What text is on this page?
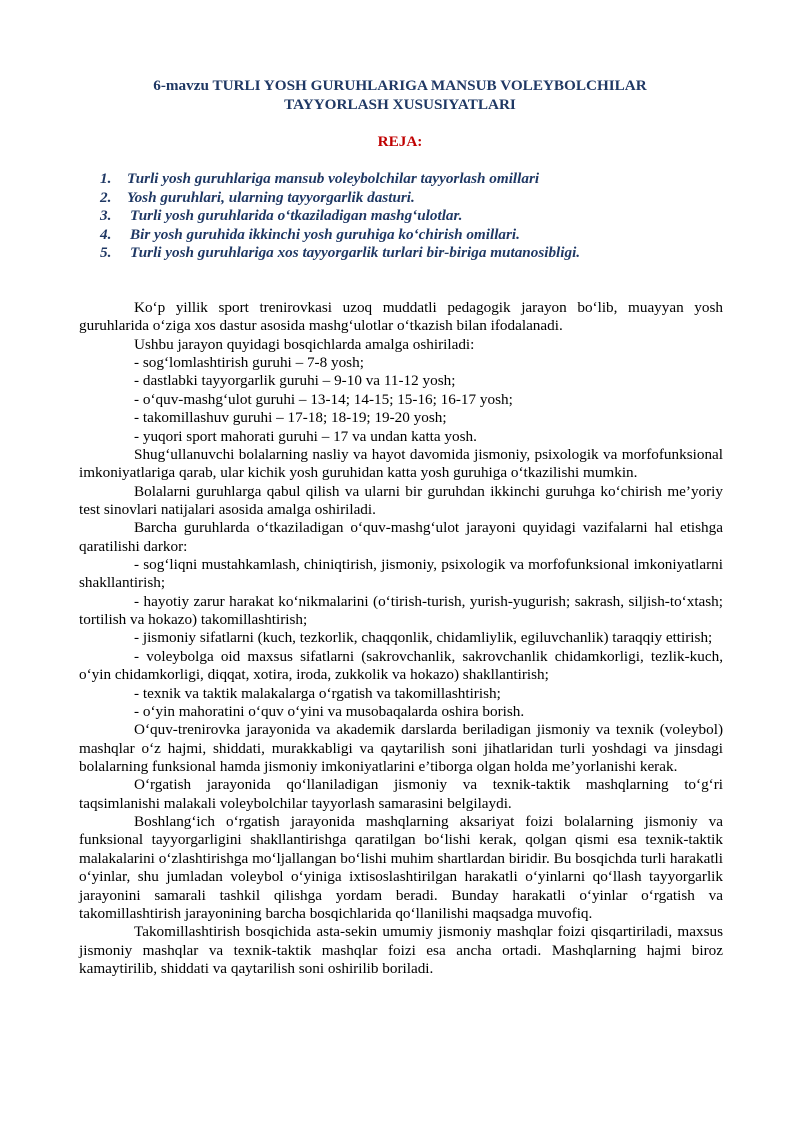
6-mavzu TURLI YOSH GURUHLARIGA MANSUB VOLEYBOLCHILAR
TAYYORLASH XUSUSIYATLARI
REJA:
1. Turli yosh guruhlariga mansub voleybolchilar tayyorlash omillari
2. Yosh guruhlari, ularning tayyorgarlik dasturi.
3. Turli yosh guruhlarida o‘tkaziladigan mashg‘ulotlar.
4. Bir yosh guruhida ikkinchi yosh guruhiga ko‘chirish omillari.
5. Turli yosh guruhlariga xos tayyorgarlik turlari bir-biriga mutanosibligi.

Ko‘p yillik sport trenirovkasi uzoq muddatli pedagogik jarayon bo‘lib, muayyan yosh guruhlarida o‘ziga xos dastur asosida mashg‘ulotlar o‘tkazish bilan ifodalanadi.

Ushbu jarayon quyidagi bosqichlarda amalga oshiriladi:

- sog‘lomlashtirish guruhi – 7-8 yosh;

- dastlabki tayyorgarlik guruhi – 9-10 va 11-12 yosh;

- o‘quv-mashg‘ulot guruhi – 13-14; 14-15; 15-16; 16-17 yosh;

- takomillashuv guruhi – 17-18; 18-19; 19-20 yosh;

- yuqori sport mahorati guruhi – 17 va undan katta yosh.

Shug‘ullanuvchi bolalarning nasliy va hayot davomida jismoniy, psixologik va morfofunksional imkoniyatlariga qarab, ular kichik yosh guruhidan katta yosh guruhiga o‘tkazilishi mumkin.

Bolalarni guruhlarga qabul qilish va ularni bir guruhdan ikkinchi guruhga ko‘chirish me’yoriy test sinovlari natijalari asosida amalga oshiriladi.

Barcha guruhlarda o‘tkaziladigan o‘quv-mashg‘ulot jarayoni quyidagi vazifalarni hal etishga qaratilishi darkor:

- sog‘liqni mustahkamlash, chiniqtirish, jismoniy, psixologik va morfofunksional imkoniyatlarni shakllantirish;

- hayotiy zarur harakat ko‘nikmalarini (o‘tirish-turish, yurish-yugurish; sakrash, siljish-to‘xtash; tortilish va hokazo) takomillashtirish;

- jismoniy sifatlarni (kuch, tezkorlik, chaqqonlik, chidamliylik, egiluvchanlik) taraqqiy ettirish;

- voleybolga oid maxsus sifatlarni (sakrovchanlik, sakrovchanlik chidamkorligi, tezlik-kuch, o‘yin chidamkorligi, diqqat, xotira, iroda, zukkolik va hokazo) shakllantirish;

- texnik va taktik malakalarga o‘rgatish va takomillashtirish;

- o‘yin mahoratini o‘quv o‘yini va musobaqalarda oshira borish.

O‘quv-trenirovka jarayonida va akademik darslarda beriladigan jismoniy va texnik (voleybol) mashqlar o‘z hajmi, shiddati, murakkabligi va qaytarilish soni jihatlaridan turli yoshdagi va jinsdagi bolalarning funksional hamda jismoniy imkoniyatlarini e’tiborga olgan holda me’yorlanishi kerak.

O‘rgatish jarayonida qo‘llaniladigan jismoniy va texnik-taktik mashqlarning to‘g‘ri taqsimlanishi malakali voleybolchilar tayyorlash samarasini belgilaydi.

Boshlang‘ich o‘rgatish jarayonida mashqlarning aksariyat foizi bolalarning jismoniy va funksional tayyorgarligini shakllantirishga qaratilgan bo‘lishi kerak, qolgan qismi esa texnik-taktik malakalarini o‘zlashtirishga mo‘ljallangan bo‘lishi muhim shartlardan biridir. Bu bosqichda turli harakatli o‘yinlar, shu jumladan voleybol o‘yiniga ixtisoslashtirilgan harakatli o‘yinlarni qo‘llash tayyorgarlik jarayonini samarali tashkil qilishga yordam beradi. Bunday harakatli o‘yinlar o‘rgatish va takomillashtirish jarayonining barcha bosqichlarida qo‘llanilishi maqsadga muvofiq.

Takomillashtirish bosqichida asta-sekin umumiy jismoniy mashqlar foizi qisqartiriladi, maxsus jismoniy mashqlar va texnik-taktik mashqlar foizi esa ancha ortadi. Mashqlarning hajmi biroz kamaytirilib, shiddati va qaytarilish soni oshirilib boriladi.
